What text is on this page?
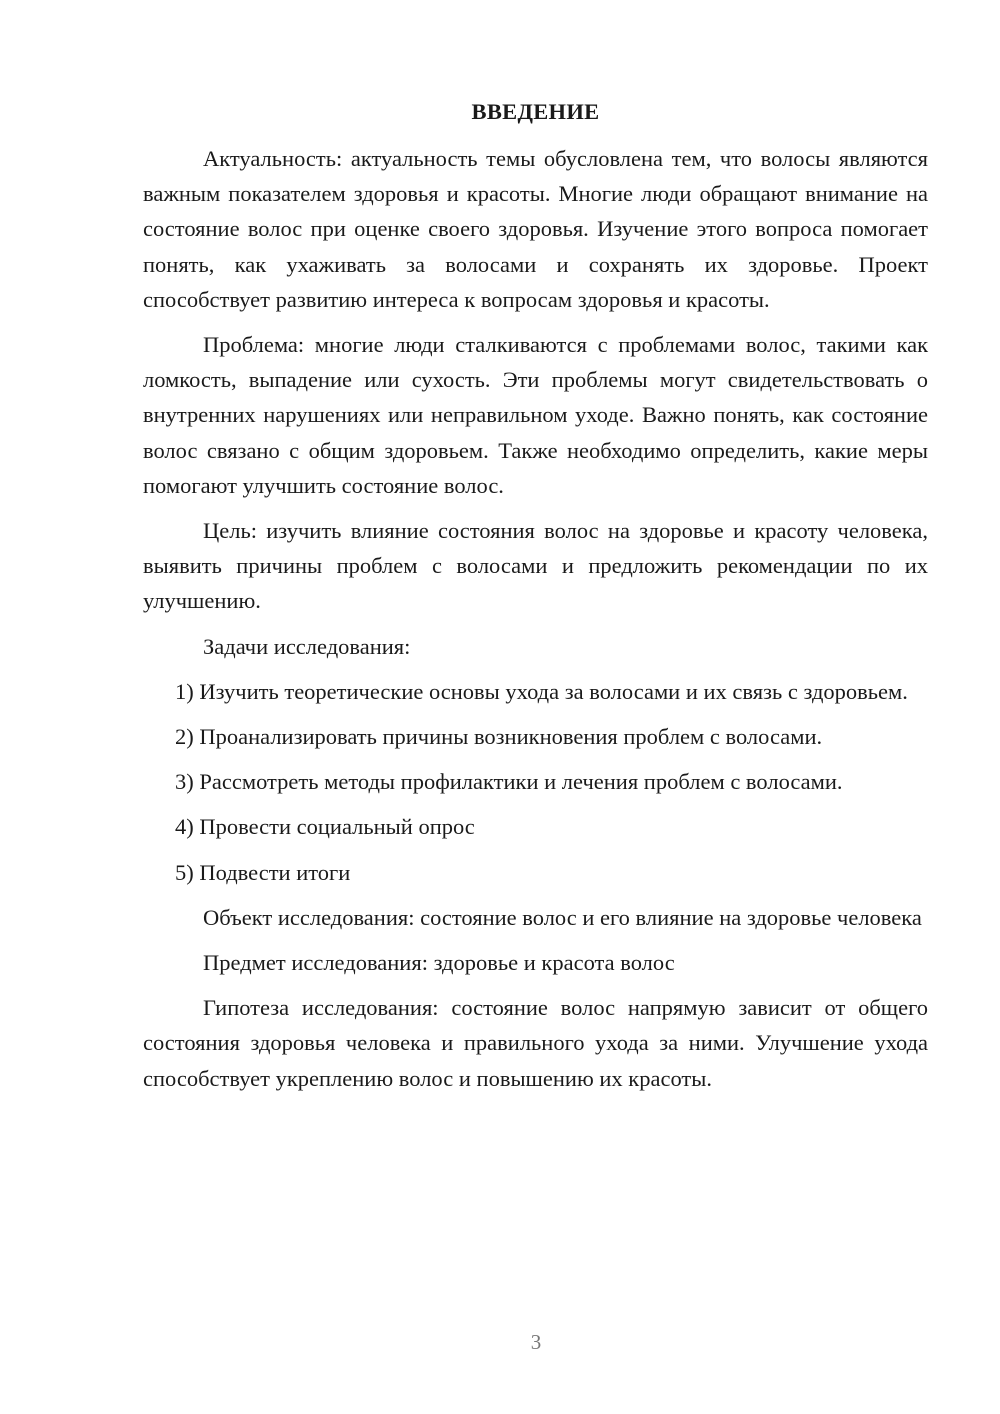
ВВЕДЕНИЕ

Актуальность: актуальность темы обусловлена тем, что волосы являются важным показателем здоровья и красоты. Многие люди обращают внимание на состояние волос при оценке своего здоровья. Изучение этого вопроса помогает понять, как ухаживать за волосами и сохранять их здоровье. Проект способствует развитию интереса к вопросам здоровья и красоты.

Проблема: многие люди сталкиваются с проблемами волос, такими как ломкость, выпадение или сухость. Эти проблемы могут свидетельствовать о внутренних нарушениях или неправильном уходе. Важно понять, как состояние волос связано с общим здоровьем. Также необходимо определить, какие меры помогают улучшить состояние волос.

Цель: изучить влияние состояния волос на здоровье и красоту человека, выявить причины проблем с волосами и предложить рекомендации по их улучшению.

Задачи исследования:

1) Изучить теоретические основы ухода за волосами и их связь с здоровьем.

2) Проанализировать причины возникновения проблем с волосами.

3) Рассмотреть методы профилактики и лечения проблем с волосами.

4) Провести социальный опрос

5) Подвести итоги

Объект исследования: состояние волос и его влияние на здоровье человека

Предмет исследования: здоровье и красота волос

Гипотеза исследования: состояние волос напрямую зависит от общего состояния здоровья человека и правильного ухода за ними. Улучшение ухода способствует укреплению волос и повышению их красоты.

3
